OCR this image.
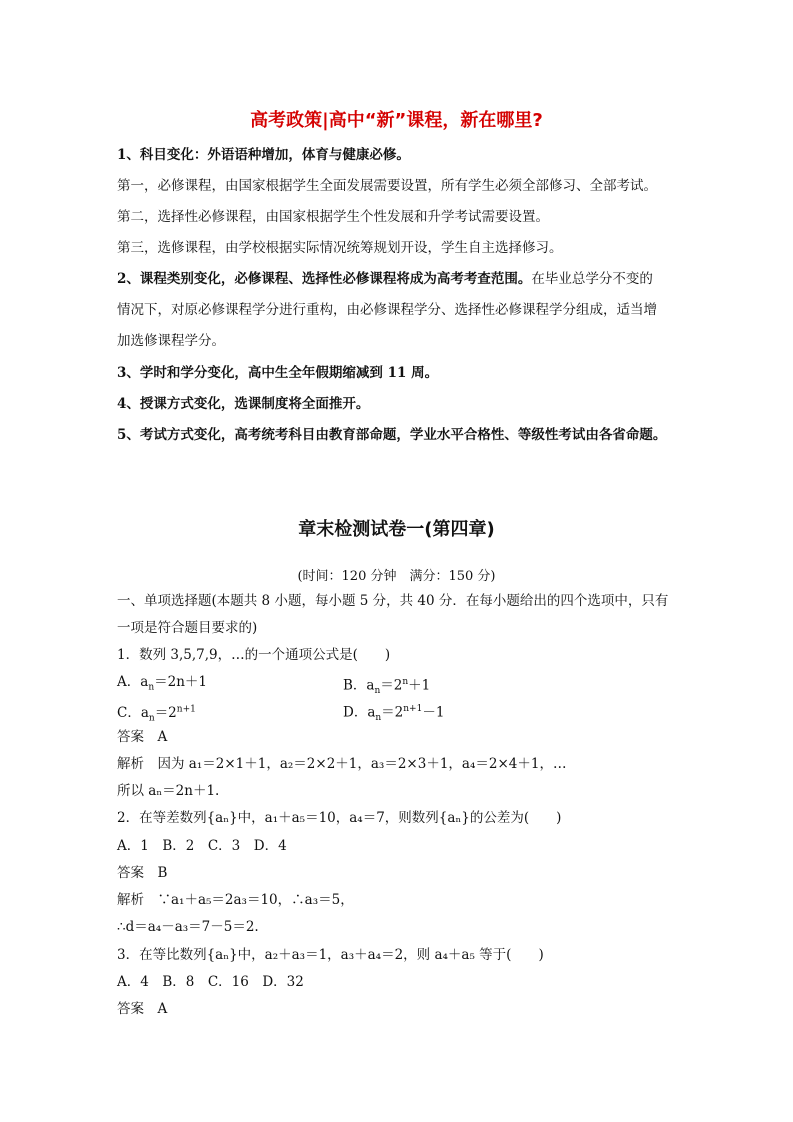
高考政策|高中“新”课程，新在哪里?
1、科目变化：外语语种增加，体育与健康必修。
第一，必修课程，由国家根据学生全面发展需要设置，所有学生必须全部修习、全部考试。
第二，选择性必修课程，由国家根据学生个性发展和升学考试需要设置。
第三，选修课程，由学校根据实际情况统筹规划开设，学生自主选择修习。
2、课程类别变化，必修课程、选择性必修课程将成为高考考查范围。在毕业总学分不变的
情况下，对原必修课程学分进行重构，由必修课程学分、选择性必修课程学分组成，适当增
加选修课程学分。
3、学时和学分变化，高中生全年假期缩减到 11 周。
4、授课方式变化，选课制度将全面推开。
5、考试方式变化，高考统考科目由教育部命题，学业水平合格性、等级性考试由各省命题。
章末检测试卷一(第四章)
(时间：120 分钟　满分：150 分)
一、单项选择题(本题共 8 小题，每小题 5 分，共 40 分．在每小题给出的四个选项中，只有
一项是符合题目要求的)
1．数列 3,5,7,9，…的一个通项公式是(　　)
A．$a_n=2n+1$	B．$a_n=2^n+1$
C．$a_n=2^{n+1}$	D．$a_n=2^{n+1}-1$
答案　A
解析　因为 a₁＝2×1＋1，a₂＝2×2＋1，a₃＝2×3＋1，a₄＝2×4＋1，…
所以 aₙ＝2n＋1.
2．在等差数列{aₙ}中，a₁＋a₅＝10，a₄＝7，则数列{aₙ}的公差为(　　)
A．1　B．2　C．3　D．4
答案　B
解析　∵a₁＋a₅＝2a₃＝10，∴a₃＝5，
∴d＝a₄－a₃＝7－5＝2.
3．在等比数列{aₙ}中，a₂＋a₃＝1，a₃＋a₄＝2，则 a₄＋a₅ 等于(　　)
A．4　B．8　C．16　D．32
答案　A
